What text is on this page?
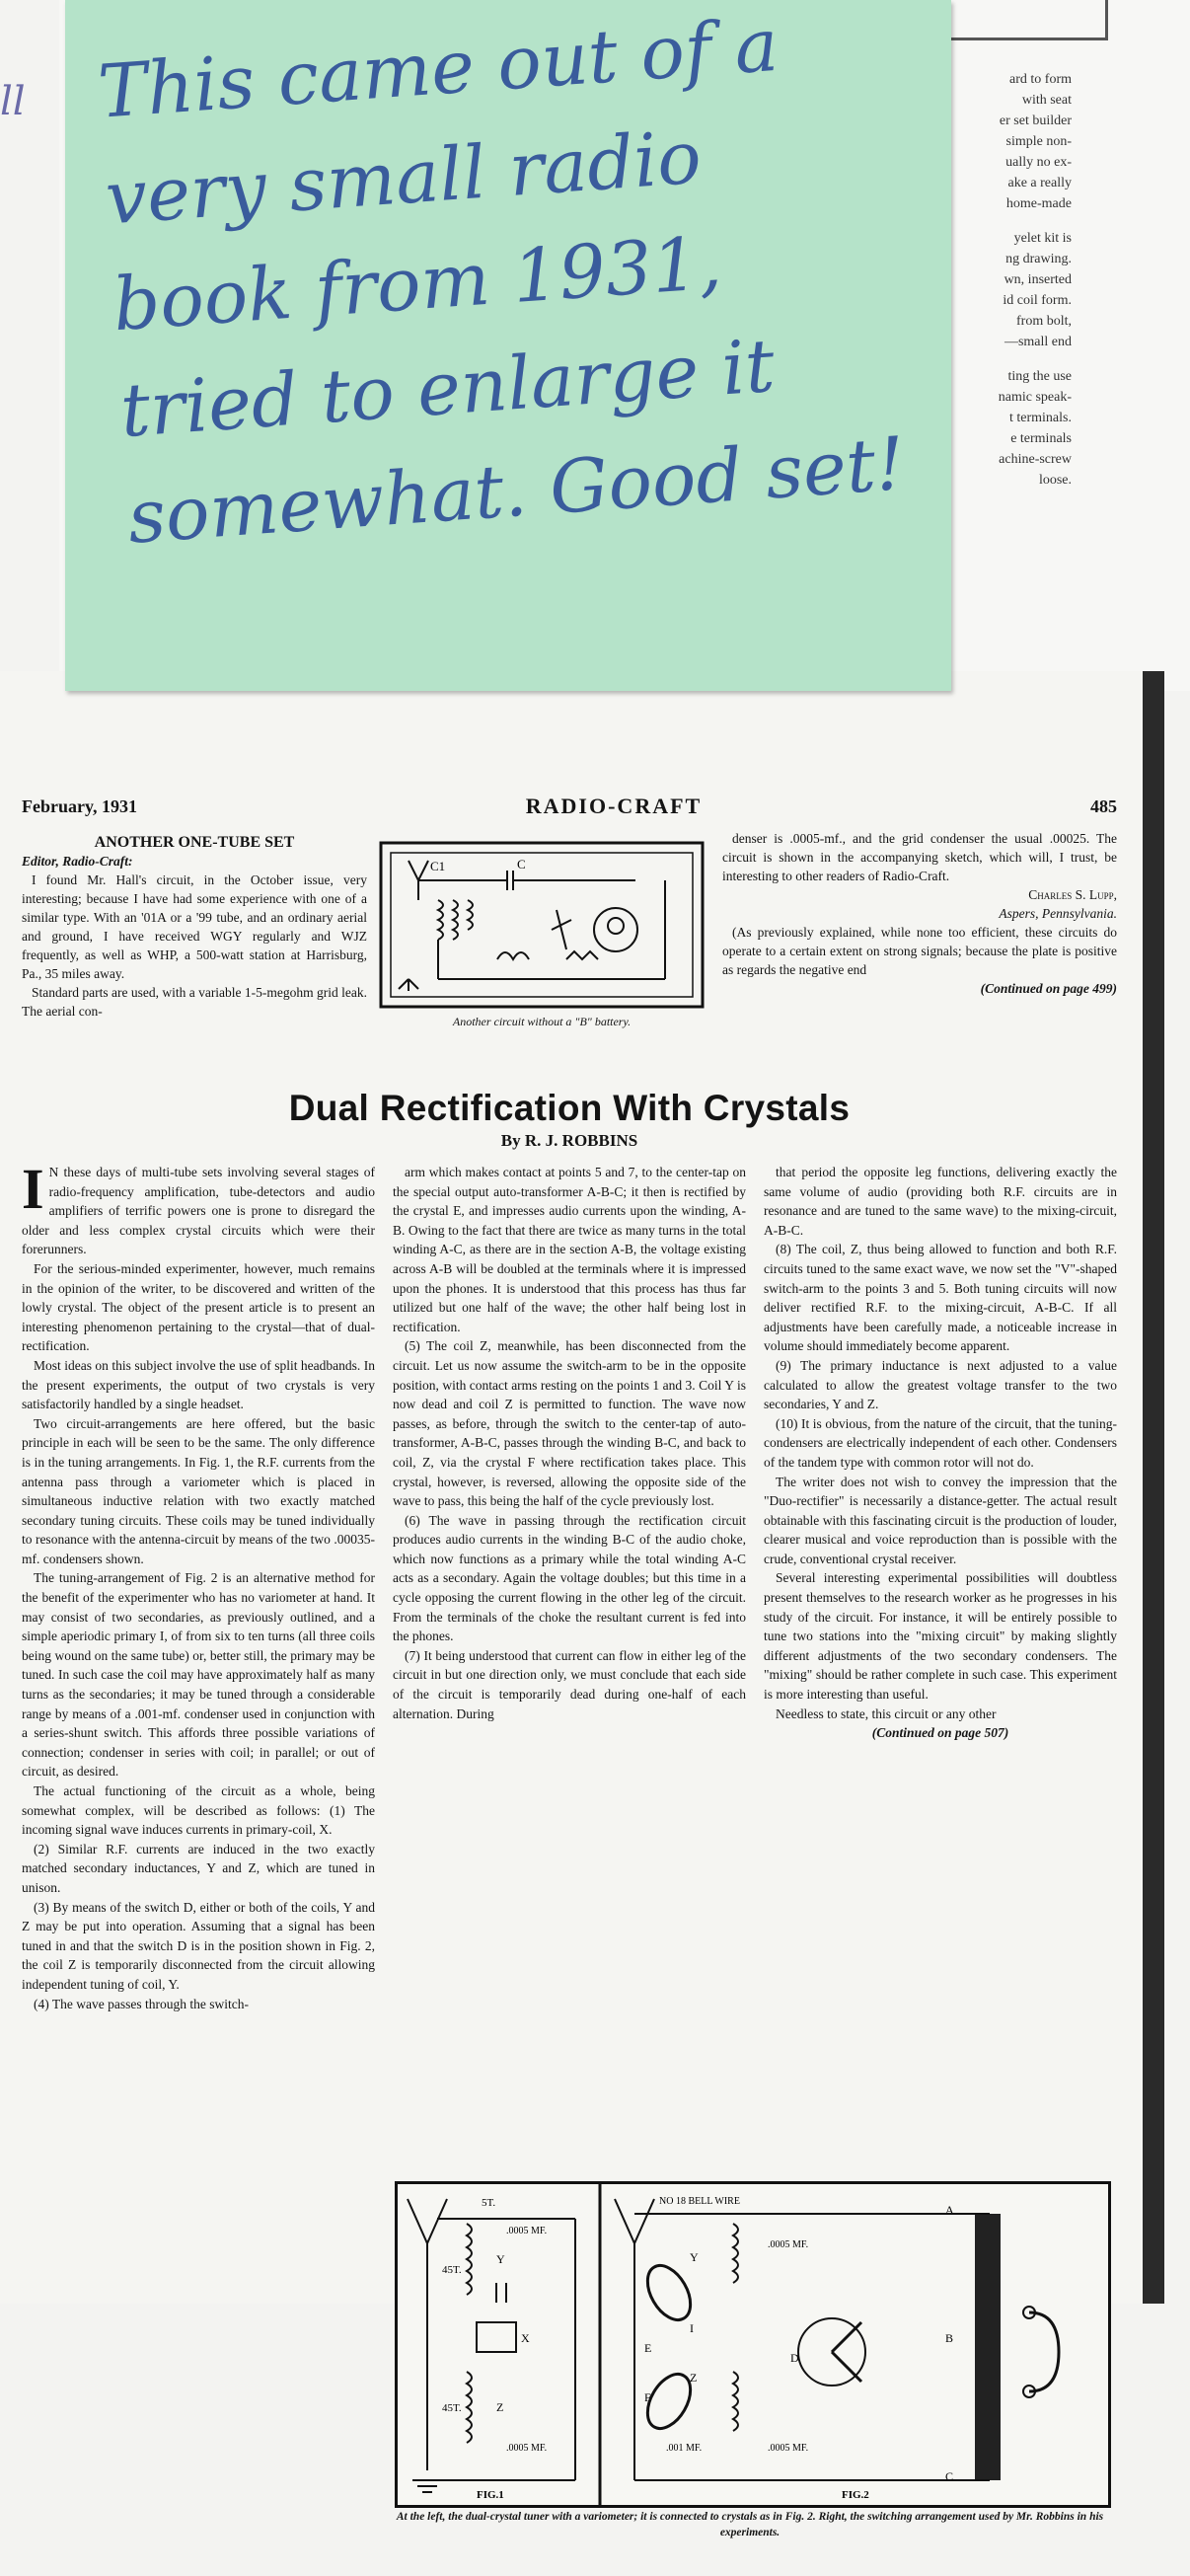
ard to form
with seat
er set builder
simple non-
ually no ex-
ake a really
home-made
yelet kit is
ng drawing.
wn, inserted
id coil form.
from bolt,
—small end
ting the use
namic speak-
t terminals.
e terminals
achine-screw
loose.
ll This came out of a
very small radio
book from 1931,
tried to enlarge it
somewhat. Good set!
February, 1931	RADIO-CRAFT	485
ANOTHER ONE-TUBE SET

Editor, Radio-Craft:

I found Mr. Hall's circuit, in the October issue, very interesting; because I have had some experience with one of a similar type. With an '01A or a '99 tube, and an ordinary aerial and ground, I have received WGY regularly and WJZ frequently, as well as WHP, a 500-watt station at Harrisburg, Pa., 35 miles away.

Standard parts are used, with a variable 1-5-megohm grid leak. The aerial con-

C1	C
Another circuit without a "B" battery.

denser is .0005-mf., and the grid condenser the usual .00025. The circuit is shown in the accompanying sketch, which will, I trust, be interesting to other readers of Radio-Craft.

Charles S. Lupp,

Aspers, Pennsylvania.

(As previously explained, while none too efficient, these circuits do operate to a certain extent on strong signals; because the plate is positive as regards the negative end

(Continued on page 499)

Dual Rectification With Crystals
By R. J. ROBBINS

I N these days of multi-tube sets involving several stages of radio-frequency amplification, tube-detectors and audio amplifiers of terrific powers one is prone to disregard the older and less complex crystal circuits which were their forerunners.

For the serious-minded experimenter, however, much remains in the opinion of the writer, to be discovered and written of the lowly crystal. The object of the present article is to present an interesting phenomenon pertaining to the crystal—that of dual-rectification.

Most ideas on this subject involve the use of split headbands. In the present experiments, the output of two crystals is very satisfactorily handled by a single headset.

Two circuit-arrangements are here offered, but the basic principle in each will be seen to be the same. The only difference is in the tuning arrangements. In Fig. 1, the R.F. currents from the antenna pass through a variometer which is placed in simultaneous inductive relation with two exactly matched secondary tuning circuits. These coils may be tuned individually to resonance with the antenna-circuit by means of the two .00035-mf. condensers shown.

The tuning-arrangement of Fig. 2 is an alternative method for the benefit of the experimenter who has no variometer at hand. It may consist of two secondaries, as previously outlined, and a simple aperiodic primary I, of from six to ten turns (all three coils being wound on the same tube) or, better still, the primary may be tuned. In such case the coil may have approximately half as many turns as the secondaries; it may be tuned through a considerable range by means of a .001-mf. condenser used in conjunction with a series-shunt switch. This affords three possible variations of connection; condenser in series with coil; in parallel; or out of circuit, as desired.

The actual functioning of the circuit as a whole, being somewhat complex, will be described as follows: (1) The incoming signal wave induces currents in primary-coil, X.

(2) Similar R.F. currents are induced in the two exactly matched secondary inductances, Y and Z, which are tuned in unison.

(3) By means of the switch D, either or both of the coils, Y and Z may be put into operation. Assuming that a signal has been tuned in and that the switch D is in the position shown in Fig. 2, the coil Z is temporarily disconnected from the circuit allowing independent tuning of coil, Y.

(4) The wave passes through the switch-

arm which makes contact at points 5 and 7, to the center-tap on the special output auto-transformer A-B-C; it then is rectified by the crystal E, and impresses audio currents upon the winding, A-B. Owing to the fact that there are twice as many turns in the total winding A-C, as there are in the section A-B, the voltage existing across A-B will be doubled at the terminals where it is impressed upon the phones. It is understood that this process has thus far utilized but one half of the wave; the other half being lost in rectification.

(5) The coil Z, meanwhile, has been disconnected from the circuit. Let us now assume the switch-arm to be in the opposite position, with contact arms resting on the points 1 and 3. Coil Y is now dead and coil Z is permitted to function. The wave now passes, as before, through the switch to the center-tap of auto-transformer, A-B-C, passes through the winding B-C, and back to coil, Z, via the crystal F where rectification takes place. This crystal, however, is reversed, allowing the opposite side of the wave to pass, this being the half of the cycle previously lost.

(6) The wave in passing through the rectification circuit produces audio currents in the winding B-C of the audio choke, which now functions as a primary while the total winding A-C acts as a secondary. Again the voltage doubles; but this time in a cycle opposing the current flowing in the other leg of the circuit. From the terminals of the choke the resultant current is fed into the phones.

(7) It being understood that current can flow in either leg of the circuit in but one direction only, we must conclude that each side of the circuit is temporarily dead during one-half of each alternation. During

that period the opposite leg functions, delivering exactly the same volume of audio (providing both R.F. circuits are in resonance and are tuned to the same wave) to the mixing-circuit, A-B-C.

(8) The coil, Z, thus being allowed to function and both R.F. circuits tuned to the same exact wave, we now set the "V"-shaped switch-arm to the points 3 and 5. Both tuning circuits will now deliver rectified R.F. to the mixing-circuit, A-B-C. If all adjustments have been carefully made, a noticeable increase in volume should immediately become apparent.

(9) The primary inductance is next adjusted to a value calculated to allow the greatest voltage transfer to the two secondaries, Y and Z.

(10) It is obvious, from the nature of the circuit, that the tuning-condensers are electrically independent of each other. Condensers of the tandem type with common rotor will not do.

The writer does not wish to convey the impression that the "Duo-rectifier" is necessarily a distance-getter. The actual result obtainable with this fascinating circuit is the production of louder, clearer musical and voice reproduction than is possible with the crude, conventional crystal receiver.

Several interesting experimental possibilities will doubtless present themselves to the research worker as he progresses in his study of the circuit. For instance, it will be entirely possible to tune two stations into the "mixing circuit" by making slightly different adjustments of the two secondary condensers. The "mixing" should be rather complete in such case. This experiment is more interesting than useful.

Needless to state, this circuit or any other

(Continued on page 507)

5T.
45T.
.0005 MF.
Y
X
45T.	Z
.0005 MF.
FIG.1
NO 18 BELL WIRE
Y
Z
I
E
F
D
A
B
C
.0005 MF.
.0005 MF.
.001 MF.
FIG.2
At the left, the dual-crystal tuner with a variometer; it is connected to crystals as in Fig. 2. Right, the switching arrangement used by Mr. Robbins in his experiments.
